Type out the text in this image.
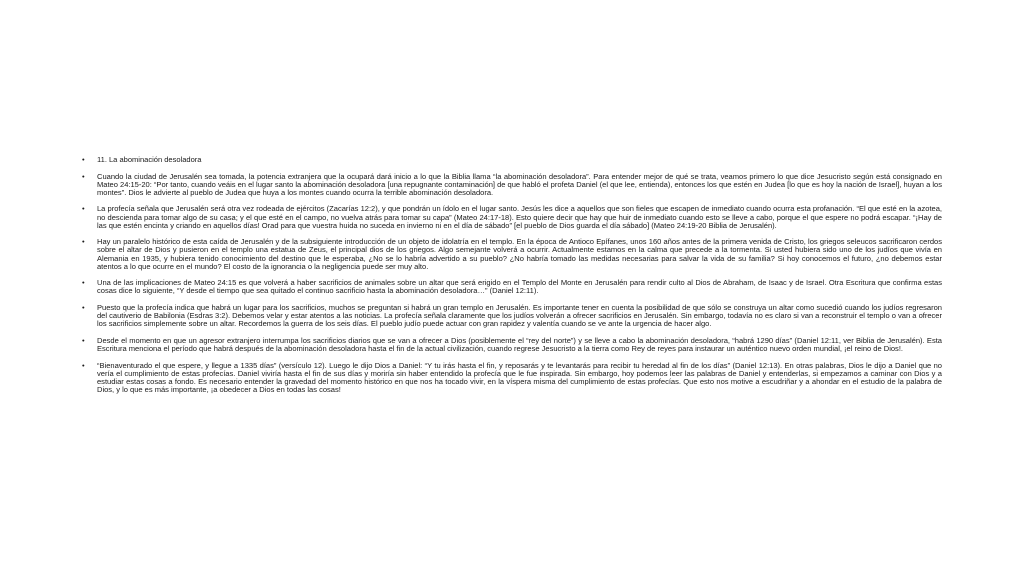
• 11. La abominación desoladora
• Cuando la ciudad de Jerusalén sea tomada, la potencia extranjera que la ocupará dará inicio a lo que la Biblia llama “la abominación desoladora”. Para entender mejor de qué se trata, veamos primero lo que dice Jesucristo según está consignado en Mateo 24:15-20: “Por tanto, cuando veáis en el lugar santo la abominación desoladora [una repugnante contaminación] de que habló el profeta Daniel (el que lee, entienda), entonces los que estén en Judea [lo que es hoy la nación de Israel], huyan a los montes”. Dios le advierte al pueblo de Judea que huya a los montes cuando ocurra la terrible abominación desoladora.
• La profecía señala que Jerusalén será otra vez rodeada de ejércitos (Zacarías 12:2), y que pondrán un ídolo en el lugar santo. Jesús les dice a aquellos que son fieles que escapen de inmediato cuando ocurra esta profanación. “El que esté en la azotea, no descienda para tomar algo de su casa; y el que esté en el campo, no vuelva atrás para tomar su capa” (Mateo 24:17-18). Esto quiere decir que hay que huir de inmediato cuando esto se lleve a cabo, porque el que espere no podrá escapar. “¡Hay de las que estén encinta y criando en aquellos días! Orad para que vuestra huida no suceda en invierno ni en el día de sábado” [el pueblo de Dios guarda el día sábado] (Mateo 24:19-20 Biblia de Jerusalén).
• Hay un paralelo histórico de esta caída de Jerusalén y de la subsiguiente introducción de un objeto de idolatría en el templo. En la época de Antioco Epífanes, unos 160 años antes de la primera venida de Cristo, los griegos seleucos sacrificaron cerdos sobre el altar de Dios y pusieron en el templo una estatua de Zeus, el principal dios de los griegos. Algo semejante volverá a ocurrir. Actualmente estamos en la calma que precede a la tormenta. Si usted hubiera sido uno de los judíos que vivía en Alemania en 1935, y hubiera tenido conocimiento del destino que le esperaba, ¿No se lo habría advertido a su pueblo? ¿No habría tomado las medidas necesarias para salvar la vida de su familia? Si hoy conocemos el futuro, ¿no debemos estar atentos a lo que ocurre en el mundo? El costo de la ignorancia o la negligencia puede ser muy alto.
• Una de las implicaciones de Mateo 24:15 es que volverá a haber sacrificios de animales sobre un altar que será erigido en el Templo del Monte en Jerusalén para rendir culto al Dios de Abraham, de Isaac y de Israel. Otra Escritura que confirma estas cosas dice lo siguiente, “Y desde el tiempo que sea quitado el continuo sacrificio hasta la abominación desoladora…” (Daniel 12:11).
• Puesto que la profecía indica que habrá un lugar para los sacrificios, muchos se preguntan si habrá un gran templo en Jerusalén. Es importante tener en cuenta la posibilidad de que sólo se construya un altar como sucedió cuando los judíos regresaron del cautiverio de Babilonia (Esdras 3:2). Debemos velar y estar atentos a las noticias. La profecía señala claramente que los judíos volverán a ofrecer sacrificios en Jerusalén. Sin embargo, todavía no es claro si van a reconstruir el templo o van a ofrecer los sacrificios simplemente sobre un altar. Recordemos la guerra de los seis días. El pueblo judío puede actuar con gran rapidez y valentía cuando se ve ante la urgencia de hacer algo.
• Desde el momento en que un agresor extranjero interrumpa los sacrificios diarios que se van a ofrecer a Dios (posiblemente el “rey del norte”) y se lleve a cabo la abominación desoladora, “habrá 1290 días” (Daniel 12:11, ver Biblia de Jerusalén). Esta Escritura menciona el período que habrá después de la abominación desoladora hasta el fin de la actual civilización, cuando regrese Jesucristo a la tierra como Rey de reyes para instaurar un auténtico nuevo orden mundial, ¡el reino de Dios!.
• “Bienaventurado el que espere, y llegue a 1335 días” (versículo 12). Luego le dijo Dios a Daniel: “Y tu irás hasta el fin, y reposarás y te levantarás para recibir tu heredad al fin de los días” (Daniel 12:13). En otras palabras, Dios le dijo a Daniel que no vería el cumplimiento de estas profecías. Daniel viviría hasta el fin de sus días y moriría sin haber entendido la profecía que le fue inspirada. Sin embargo, hoy podemos leer las palabras de Daniel y entenderlas, si empezamos a caminar con Dios y a estudiar estas cosas a fondo. Es necesario entender la gravedad del momento histórico en que nos ha tocado vivir, en la víspera misma del cumplimiento de estas profecías. Que esto nos motive a escudriñar y a ahondar en el estudio de la palabra de Dios, y lo que es más importante, ¡a obedecer a Dios en todas las cosas!
